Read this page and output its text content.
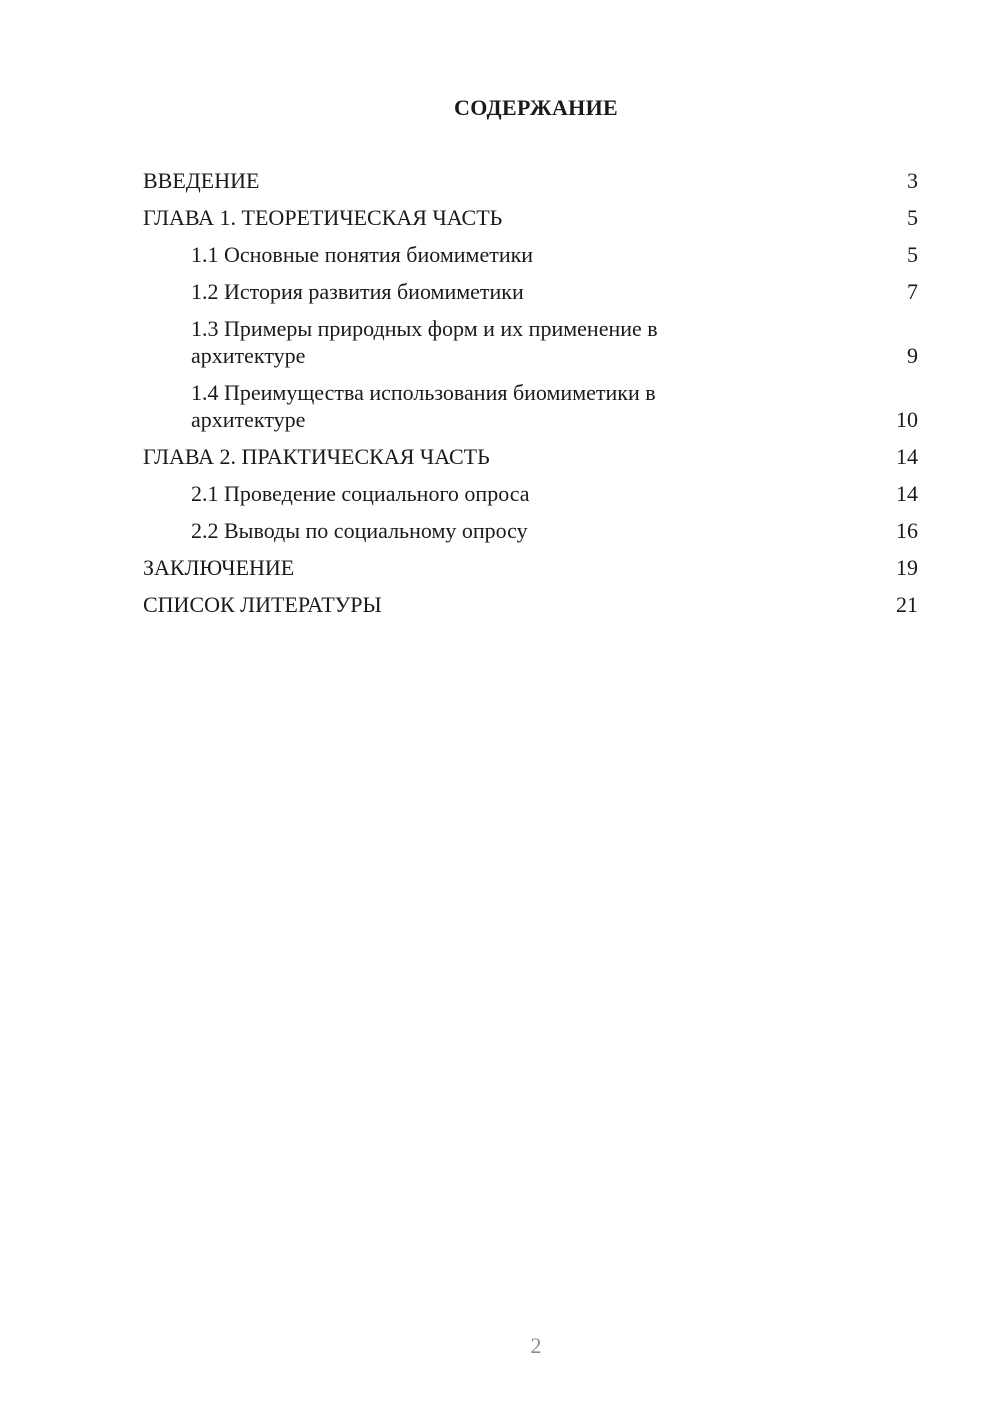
СОДЕРЖАНИЕ
ВВЕДЕНИЕ	3
ГЛАВА 1. ТЕОРЕТИЧЕСКАЯ ЧАСТЬ	5
1.1 Основные понятия биомиметики	5
1.2 История развития биомиметики	7
1.3 Примеры природных форм и их применение в архитектуре	9
1.4 Преимущества использования биомиметики в архитектуре	10
ГЛАВА 2. ПРАКТИЧЕСКАЯ ЧАСТЬ	14
2.1 Проведение социального опроса	14
2.2 Выводы по социальному опросу	16
ЗАКЛЮЧЕНИЕ	19
СПИСОК ЛИТЕРАТУРЫ	21
2
